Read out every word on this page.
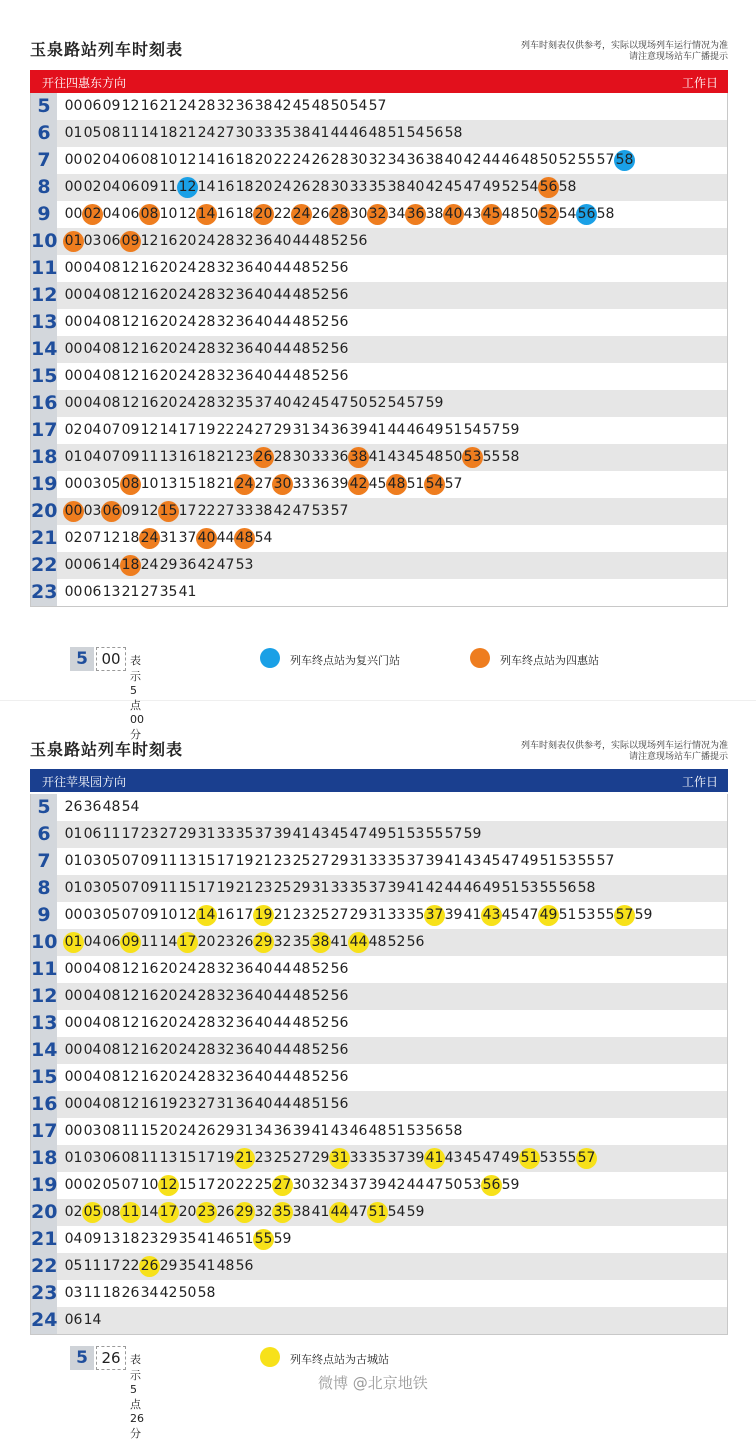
玉泉路站列车时刻表	列车时刻表仅供参考，实际以现场列车运行情况为准
请注意现场站车广播提示
开往四惠东方向	工作日
5 0006091216212428323638424548505457
6 010508111418212427303335384144464851545658
7 000204060810121416182022242628303234363840424446485052555758
8 000204060911121416182024262830333538404245474952545658
9 0002040608101214161820222426283032343638404345485052545658
10 01030609121620242832364044485256
11 000408121620242832364044485256
12 000408121620242832364044485256
13 000408121620242832364044485256
14 000408121620242832364044485256
15 000408121620242832364044485256
16 0004081216202428323537404245475052545759
17 020407091214171922242729313436394144464951545759
18 010407091113161821232628303336384143454850535558
19 000305081013151821242730333639424548515457
20 000306091215172227333842475357
21 0207121824313740444854
22 00061418242936424753
23 00061321273541
5 00 表示5点00分
列车终点站为复兴门站	列车终点站为四惠站
玉泉路站列车时刻表	列车时刻表仅供参考，实际以现场列车运行情况为准
请注意现场站车广播提示
开往苹果园方向	工作日
5 26364854
6 01061117232729313335373941434547495153555759
7 0103050709111315171921232527293133353739414345474951535557
8 01030507091115171921232529313335373941424446495153555658
9 00030507091012141617192123252729313335373941434547495153555759
10 01040609111417202326293235384144485256
11 000408121620242832364044485256
12 000408121620242832364044485256
13 000408121620242832364044485256
14 000408121620242832364044485256
15 000408121620242832364044485256
16 000408121619232731364044485156
17 000308111520242629313436394143464851535658
18 01030608111315171921232527293133353739414345474951535557
19 000205071012151720222527303234373942444750535659
20 02050811141720232629323538414447515459
21 040913182329354146515559
22 05111722262935414856
23 0311182634425058
24 0614
5 26 表示5点26分
列车终点站为古城站
微博 @北京地铁
